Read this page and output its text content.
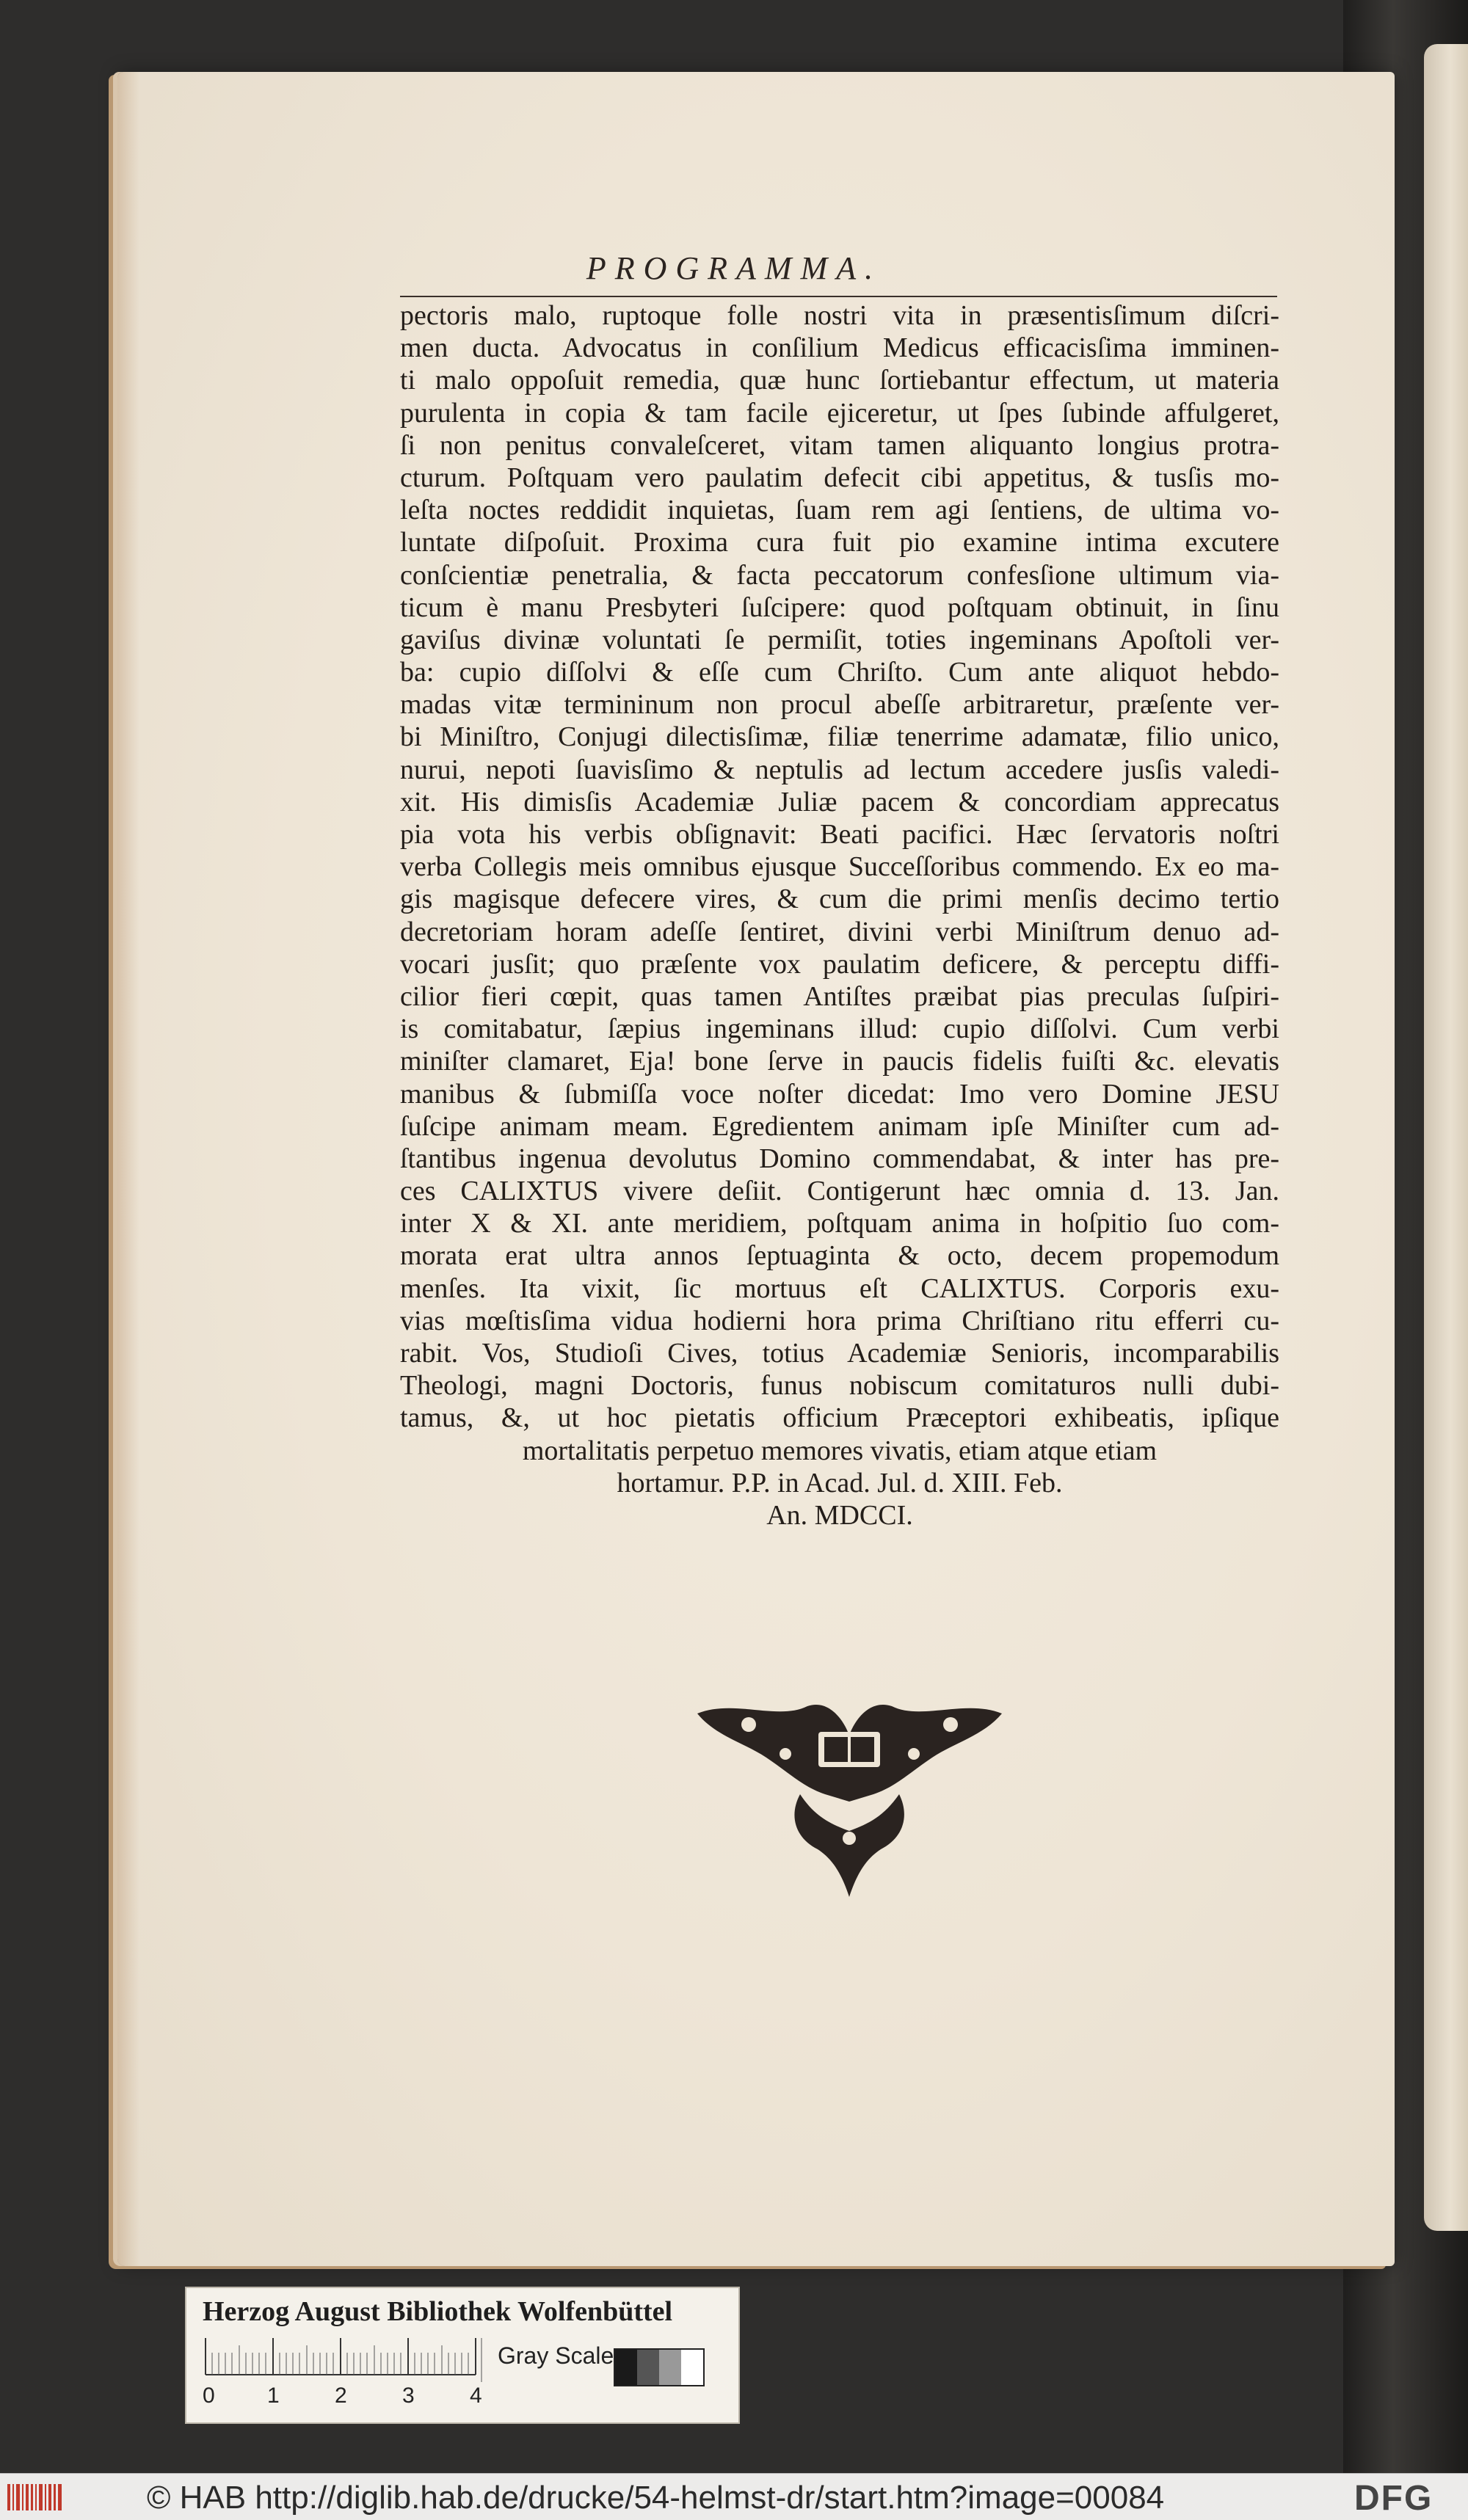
PROGRAMMA.
pectoris malo, ruptoque folle nostri vita in præsentisſimum diſcri-
men ducta. Advocatus in conſilium Medicus efficacisſima imminen-
ti malo oppoſuit remedia, quæ hunc ſortiebantur effectum, ut materia
purulenta in copia & tam facile ejiceretur, ut ſpes ſubinde affulgeret,
ſi non penitus convaleſceret, vitam tamen aliquanto longius protra-
cturum. Poſtquam vero paulatim defecit cibi appetitus, & tusſis mo-
leſta noctes reddidit inquietas, ſuam rem agi ſentiens, de ultima vo-
luntate diſpoſuit. Proxima cura fuit pio examine intima excutere
conſcientiæ penetralia, & facta peccatorum confesſione ultimum via-
ticum è manu Presbyteri ſuſcipere: quod poſtquam obtinuit, in ſinu
gaviſus divinæ voluntati ſe permiſit, toties ingeminans Apoſtoli ver-
ba: cupio diſſolvi & eſſe cum Chriſto. Cum ante aliquot hebdo-
madas vitæ termininum non procul abeſſe arbitraretur, præſente ver-
bi Miniſtro, Conjugi dilectisſimæ, filiæ tenerrime adamatæ, filio unico,
nurui, nepoti ſuavisſimo & neptulis ad lectum accedere jusſis valedi-
xit. His dimisſis Academiæ Juliæ pacem & concordiam apprecatus
pia vota his verbis obſignavit: Beati pacifici. Hæc ſervatoris noſtri
verba Collegis meis omnibus ejusque Succeſſoribus commendo. Ex eo ma-
gis magisque defecere vires, & cum die primi menſis decimo tertio
decretoriam horam adeſſe ſentiret, divini verbi Miniſtrum denuo ad-
vocari jusſit; quo præſente vox paulatim deficere, & perceptu diffi-
cilior fieri cœpit, quas tamen Antiſtes præibat pias preculas ſuſpiri-
is comitabatur, ſæpius ingeminans illud: cupio diſſolvi. Cum verbi
miniſter clamaret, Eja! bone ſerve in paucis fidelis fuiſti &c. elevatis
manibus & ſubmiſſa voce noſter dicedat: Imo vero Domine JESU
ſuſcipe animam meam. Egredientem animam ipſe Miniſter cum ad-
ſtantibus ingenua devolutus Domino commendabat, & inter has pre-
ces CALIXTUS vivere deſiit. Contigerunt hæc omnia d. 13. Jan.
inter X & XI. ante meridiem, poſtquam anima in hoſpitio ſuo com-
morata erat ultra annos ſeptuaginta & octo, decem propemodum
menſes. Ita vixit, ſic mortuus eſt CALIXTUS. Corporis exu-
vias mœſtisſima vidua hodierni hora prima Chriſtiano ritu efferri cu-
rabit. Vos, Studioſi Cives, totius Academiæ Senioris, incomparabilis
Theologi, magni Doctoris, funus nobiscum comitaturos nulli dubi-
tamus, &, ut hoc pietatis officium Præceptori exhibeatis, ipſique
mortalitatis perpetuo memores vivatis, etiam atque etiam
hortamur. P.P. in Acad. Jul. d. XIII. Feb.
An. MDCCI.
Herzog August Bibliothek Wolfenbüttel
0 1	2	3	4
Gray Scale
© HAB http://diglib.hab.de/drucke/54-helmst-dr/start.htm?image=00084	DFG
